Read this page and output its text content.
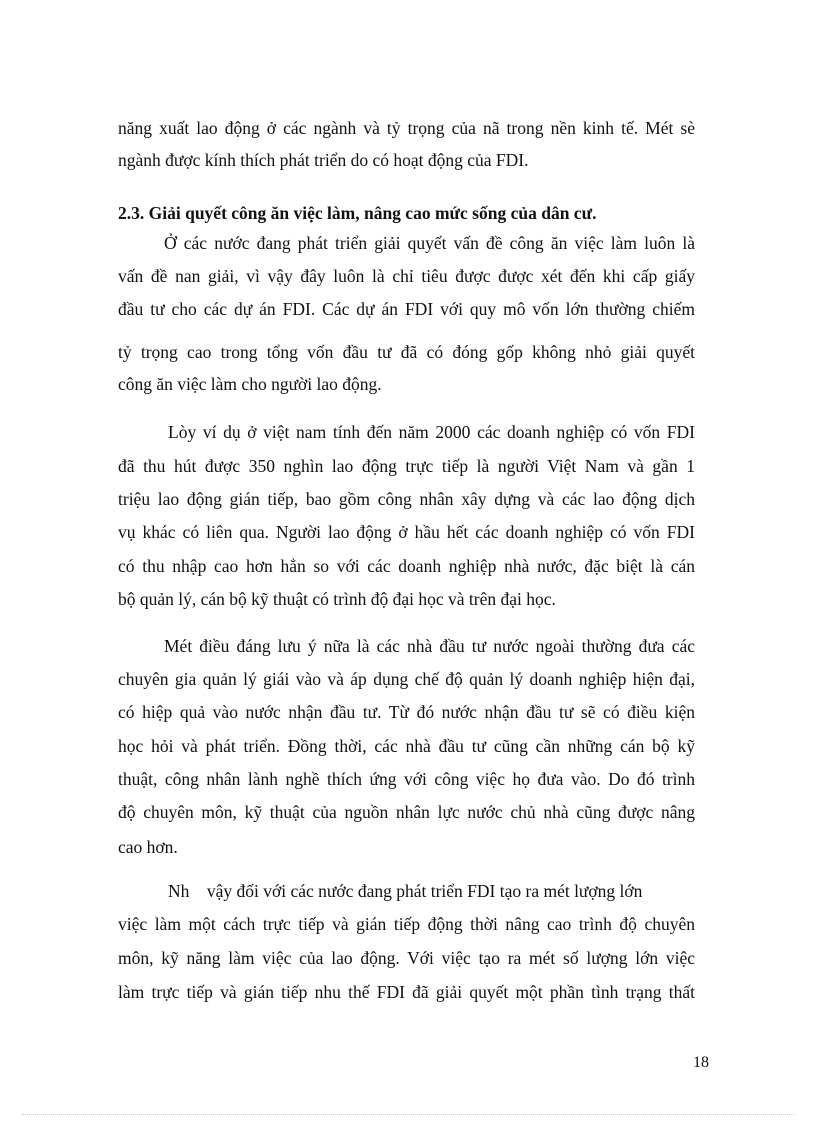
năng xuất lao động ở các ngành và tỷ trọng của nã trong nền kinh tế. Mét sè
ngành được kính thích phát triển do có hoạt động của FDI.
2.3. Giải quyết công ăn việc làm, nâng cao mức sống của dân cư.
Ở các nước đang phát triển giải quyết vấn đề công ăn việc làm luôn là
vấn đề nan giải, vì vậy đây luôn là chỉ tiêu được được xét đến khi cấp giấy
đầu tư cho các dự án FDI. Các dự án FDI với quy mô vốn lớn thường chiếm
tỷ trọng cao trong tổng vốn đầu tư đã có đóng gốp không nhỏ giải quyết
công ăn việc làm cho người lao động.
Lòy ví dụ ở việt nam tính đến năm 2000 các doanh nghiệp có vốn FDI
đã thu hút được 350 nghìn lao động trực tiếp là người Việt Nam và gần 1
triệu lao động gián tiếp, bao gồm công nhân xây dựng và các lao động dịch
vụ khác có liên qua. Người lao động ở hầu hết các doanh nghiệp có vốn FDI
có thu nhập cao hơn hẳn so với các doanh nghiệp nhà nước, đặc biệt là cán
bộ quản lý, cán bộ kỹ thuật có trình độ đại học và trên đại học.
Mét điều đáng lưu ý nữa là các nhà đầu tư nước ngoài thường đưa các
chuyên gia quản lý giái vào và áp dụng chế độ quản lý doanh nghiệp hiện đại,
có hiệp quả vào nước nhận đầu tư. Từ đó nước nhận đầu tư sẽ có điều kiện
học hỏi và phát triển. Đồng thời, các nhà đầu tư cũng cần những cán bộ kỹ
thuật, công nhân lành nghề thích ứng với công việc họ đưa vào. Do đó trình
độ chuyên môn, kỹ thuật của nguồn nhân lực nước chủ nhà cũng được nâng
cao hơn.
Nh    vậy đối với các nước đang phát triển FDI tạo ra mét lượng lớn
việc làm một cách trực tiếp và gián tiếp động thời nâng cao trình độ chuyên
môn, kỹ năng làm việc của lao động. Với việc tạo ra mét số lượng lớn việc
làm trực tiếp và gián tiếp nhu thế FDI đã giải quyết một phần tình trạng thất
18
